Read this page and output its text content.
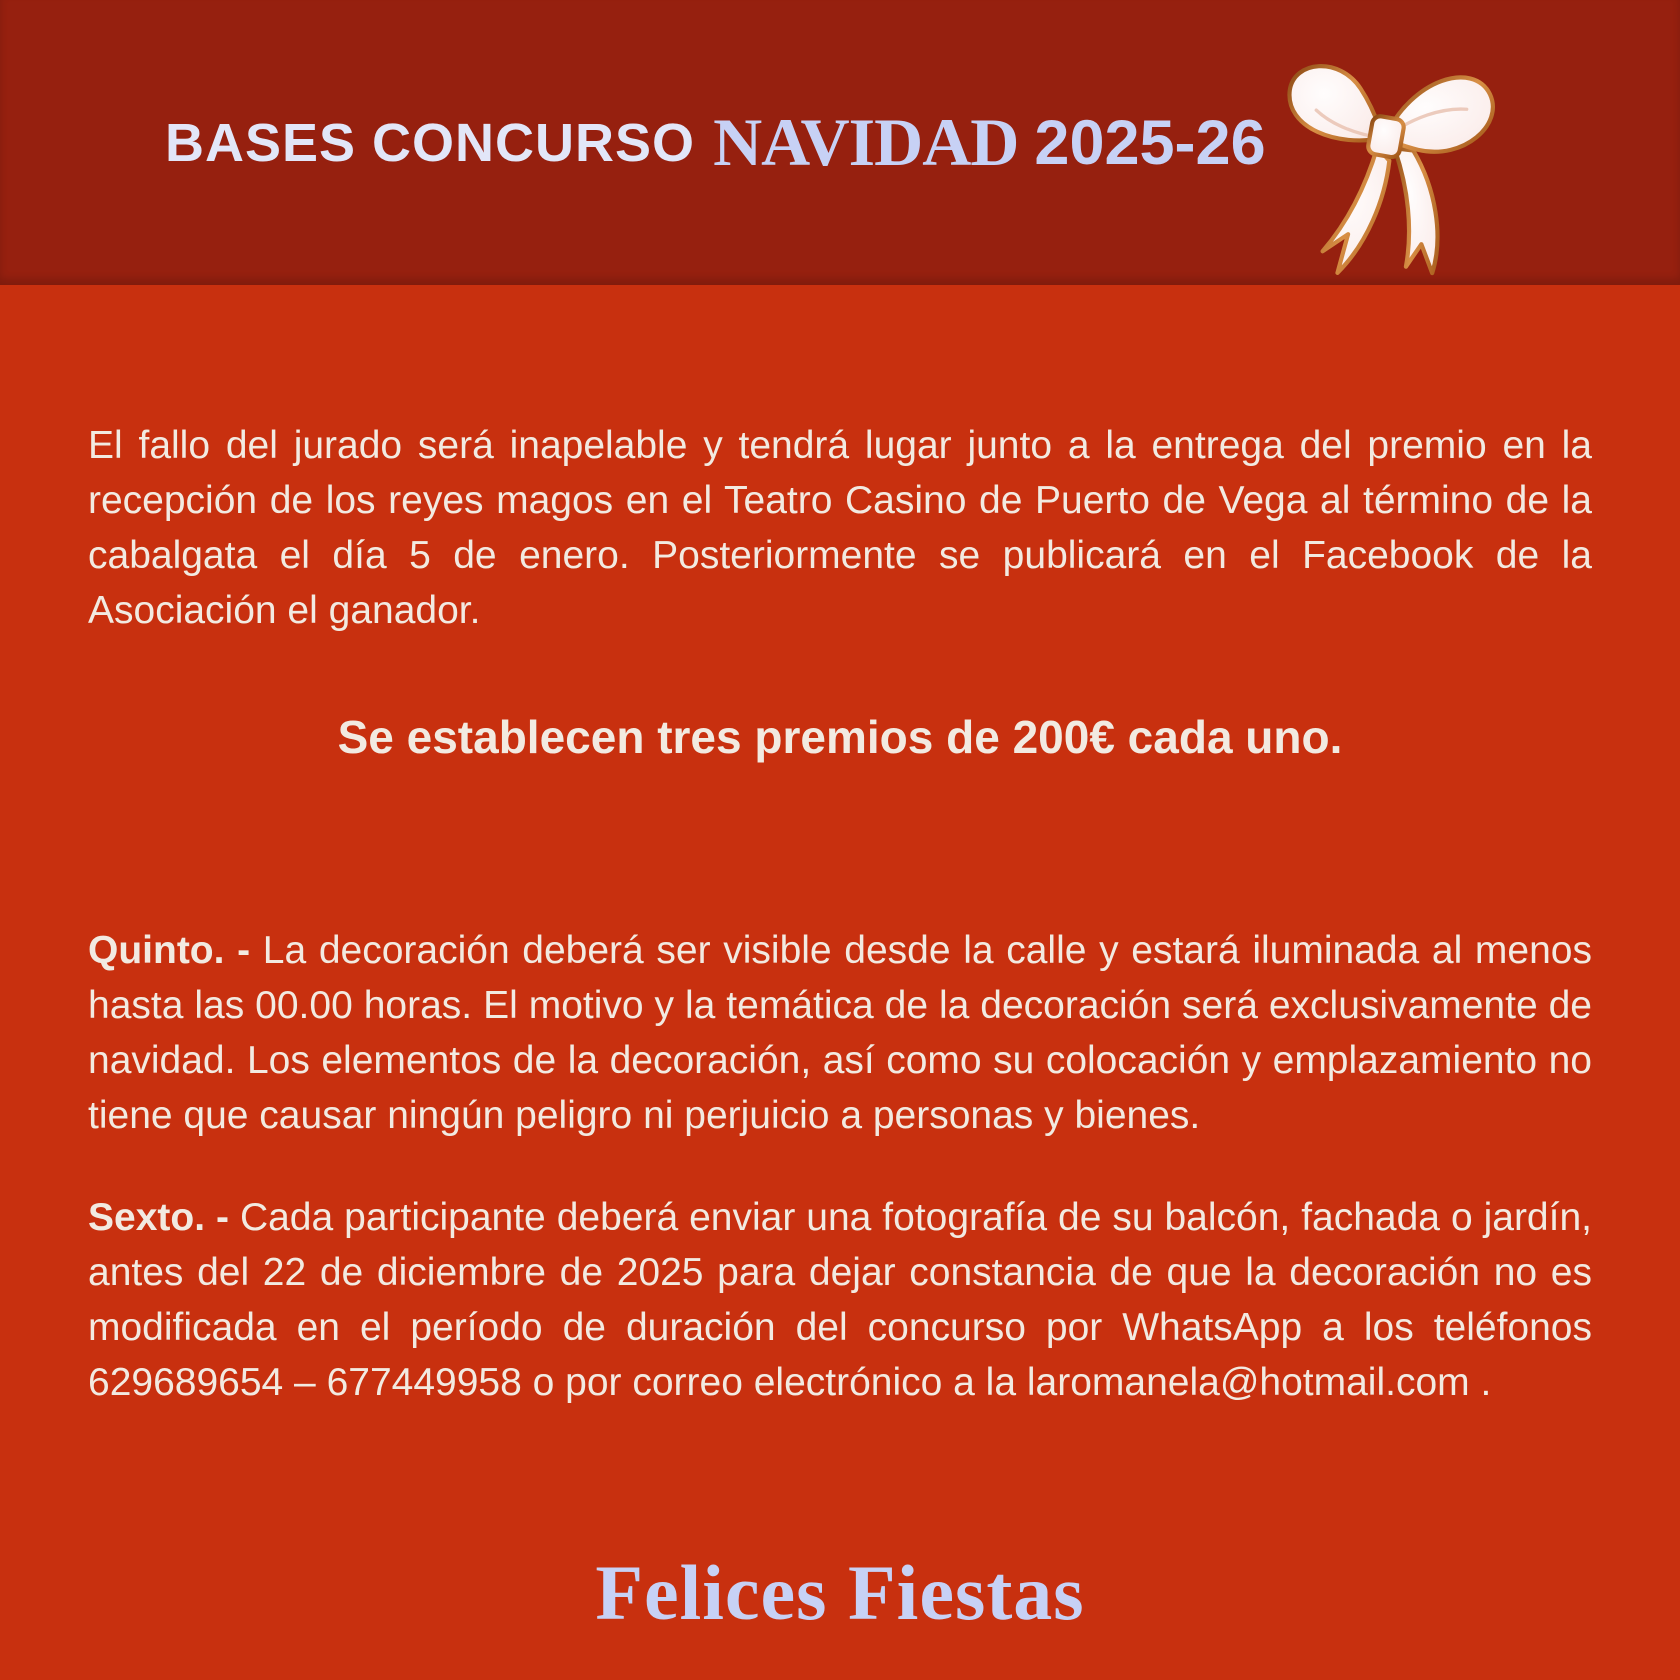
BASES CONCURSO NAVIDAD 2025-26

El fallo del jurado será inapelable y tendrá lugar junto a la entrega del premio en la recepción de los reyes magos en el Teatro Casino de Puerto de Vega al término de la cabalgata el día 5 de enero. Posteriormente se publicará en el Facebook de la Asociación el ganador.

Se establecen tres premios de 200€ cada uno.

Quinto. - La decoración deberá ser visible desde la calle y estará iluminada al menos hasta las 00.00 horas. El motivo y la temática de la decoración será exclusivamente de navidad. Los elementos de la decoración, así como su colocación y emplazamiento no tiene que causar ningún peligro ni perjuicio a personas y bienes.

Sexto. - Cada participante deberá enviar una fotografía de su balcón, fachada o jardín, antes del 22 de diciembre de 2025 para dejar constancia de que la decoración no es modificada en el período de duración del concurso por WhatsApp a los teléfonos 629689654 – 677449958 o por correo electrónico a la laromanela@hotmail.com .

Felices Fiestas
